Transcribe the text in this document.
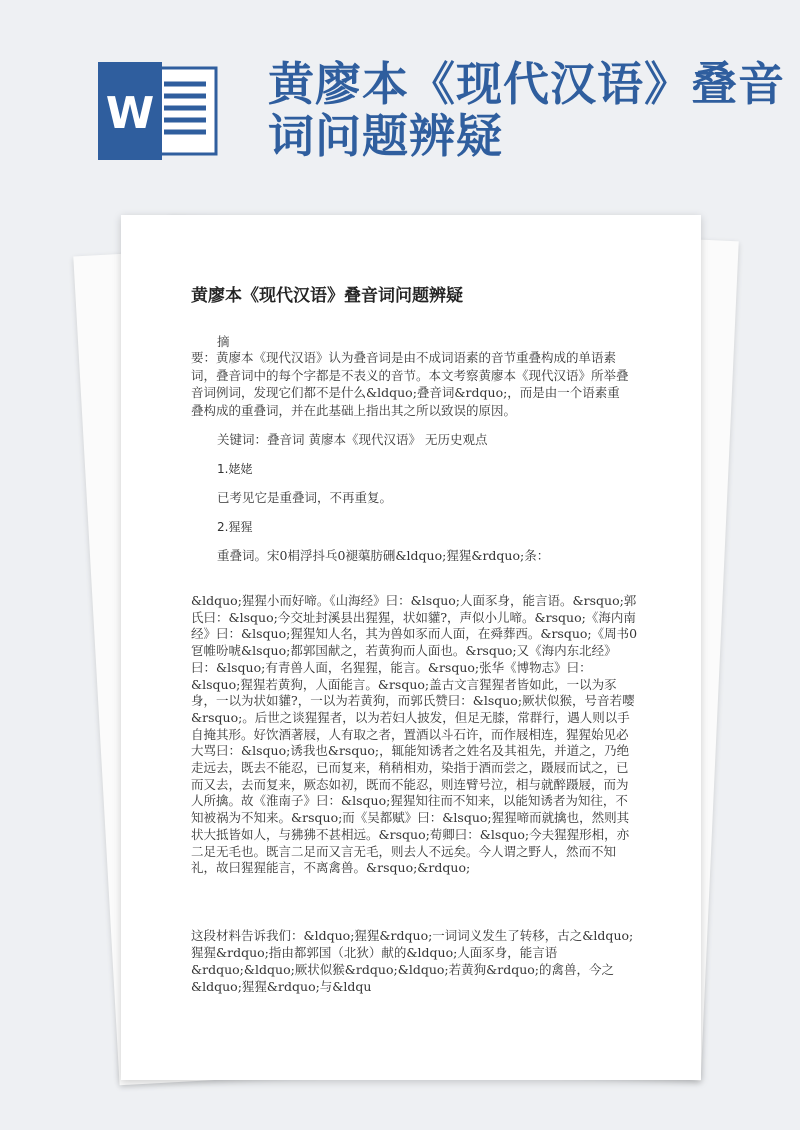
W
黄廖本《现代汉语》叠音词问题辨疑
黄廖本《现代汉语》叠音词问题辨疑

摘

要：黄廖本《现代汉语》认为叠音词是由不成词语素的音节重叠构成的单语素词，叠音词中的每个字都是不表义的音节。本文考察黄廖本《现代汉语》所举叠音词例词，发现它们都不是什么&ldquo;叠音词&rdquo;，而是由一个语素重叠构成的重叠词，并在此基础上指出其之所以致误的原因。

关键词：叠音词 黄廖本《现代汉语》 无历史观点

1.姥姥

已考见它是重叠词，不再重复。

2.猩猩

重叠词。宋0梋浮抖乓0褪蕖肪硎&ldquo;猩猩&rdquo;条：

&ldquo;猩猩小而好啼。《山海经》曰：&lsquo;人面豕身，能言语。&rsquo;郭氏曰：&lsquo;今交址封溪县出猩猩，状如貛?，声似小儿啼。&rsquo;《海内南经》曰：&lsquo;猩猩知人名，其为兽如豕而人面，在舜葬西。&rsquo;《周书0冟帷吩唬&lsquo;都郭国献之，若黄狗而人面也。&rsquo;又《海内东北经》曰：&lsquo;有青兽人面，名猩猩，能言。&rsquo;张华《博物志》曰：&lsquo;猩猩若黄狗，人面能言。&rsquo;盖古文言猩猩者皆如此，一以为豕身，一以为状如貛?，一以为若黄狗，而郭氏赞曰：&lsquo;厥状似猴，号音若嘤&rsquo;。后世之谈猩猩者，以为若妇人披发，但足无膝，常群行，遇人则以手自掩其形。好饮酒著屐，人有取之者，置酒以斗石许，而作屐相连，猩猩始见必大骂曰：&lsquo;诱我也&rsquo;，辄能知诱者之姓名及其祖先，并道之，乃绝走远去，既去不能忍，已而复来，稍稍相劝，染指于酒而尝之，蹑屐而试之，已而又去，去而复来，厥态如初，既而不能忍，则连臂号泣，相与就醉蹑屐，而为人所擒。故《淮南子》曰：&lsquo;猩猩知往而不知来，以能知诱者为知往，不知被祸为不知来。&rsquo;而《吴都赋》曰：&lsquo;猩猩啼而就擒也，然则其状大抵皆如人，与狒狒不甚相远。&rsquo;荀卿曰：&lsquo;今夫猩猩形相，亦二足无毛也。既言二足而又言无毛，则去人不远矣。今人谓之野人，然而不知礼，故曰猩猩能言，不离禽兽。&rsquo;&rdquo;

这段材料告诉我们：&ldquo;猩猩&rdquo;一词词义发生了转移，古之&ldquo;猩猩&rdquo;指由都郭国（北狄）献的&ldquo;人面豕身，能言语&rdquo;&ldquo;厥状似猴&rdquo;&ldquo;若黄狗&rdquo;的禽兽，今之&ldquo;猩猩&rdquo;与&ldqu
